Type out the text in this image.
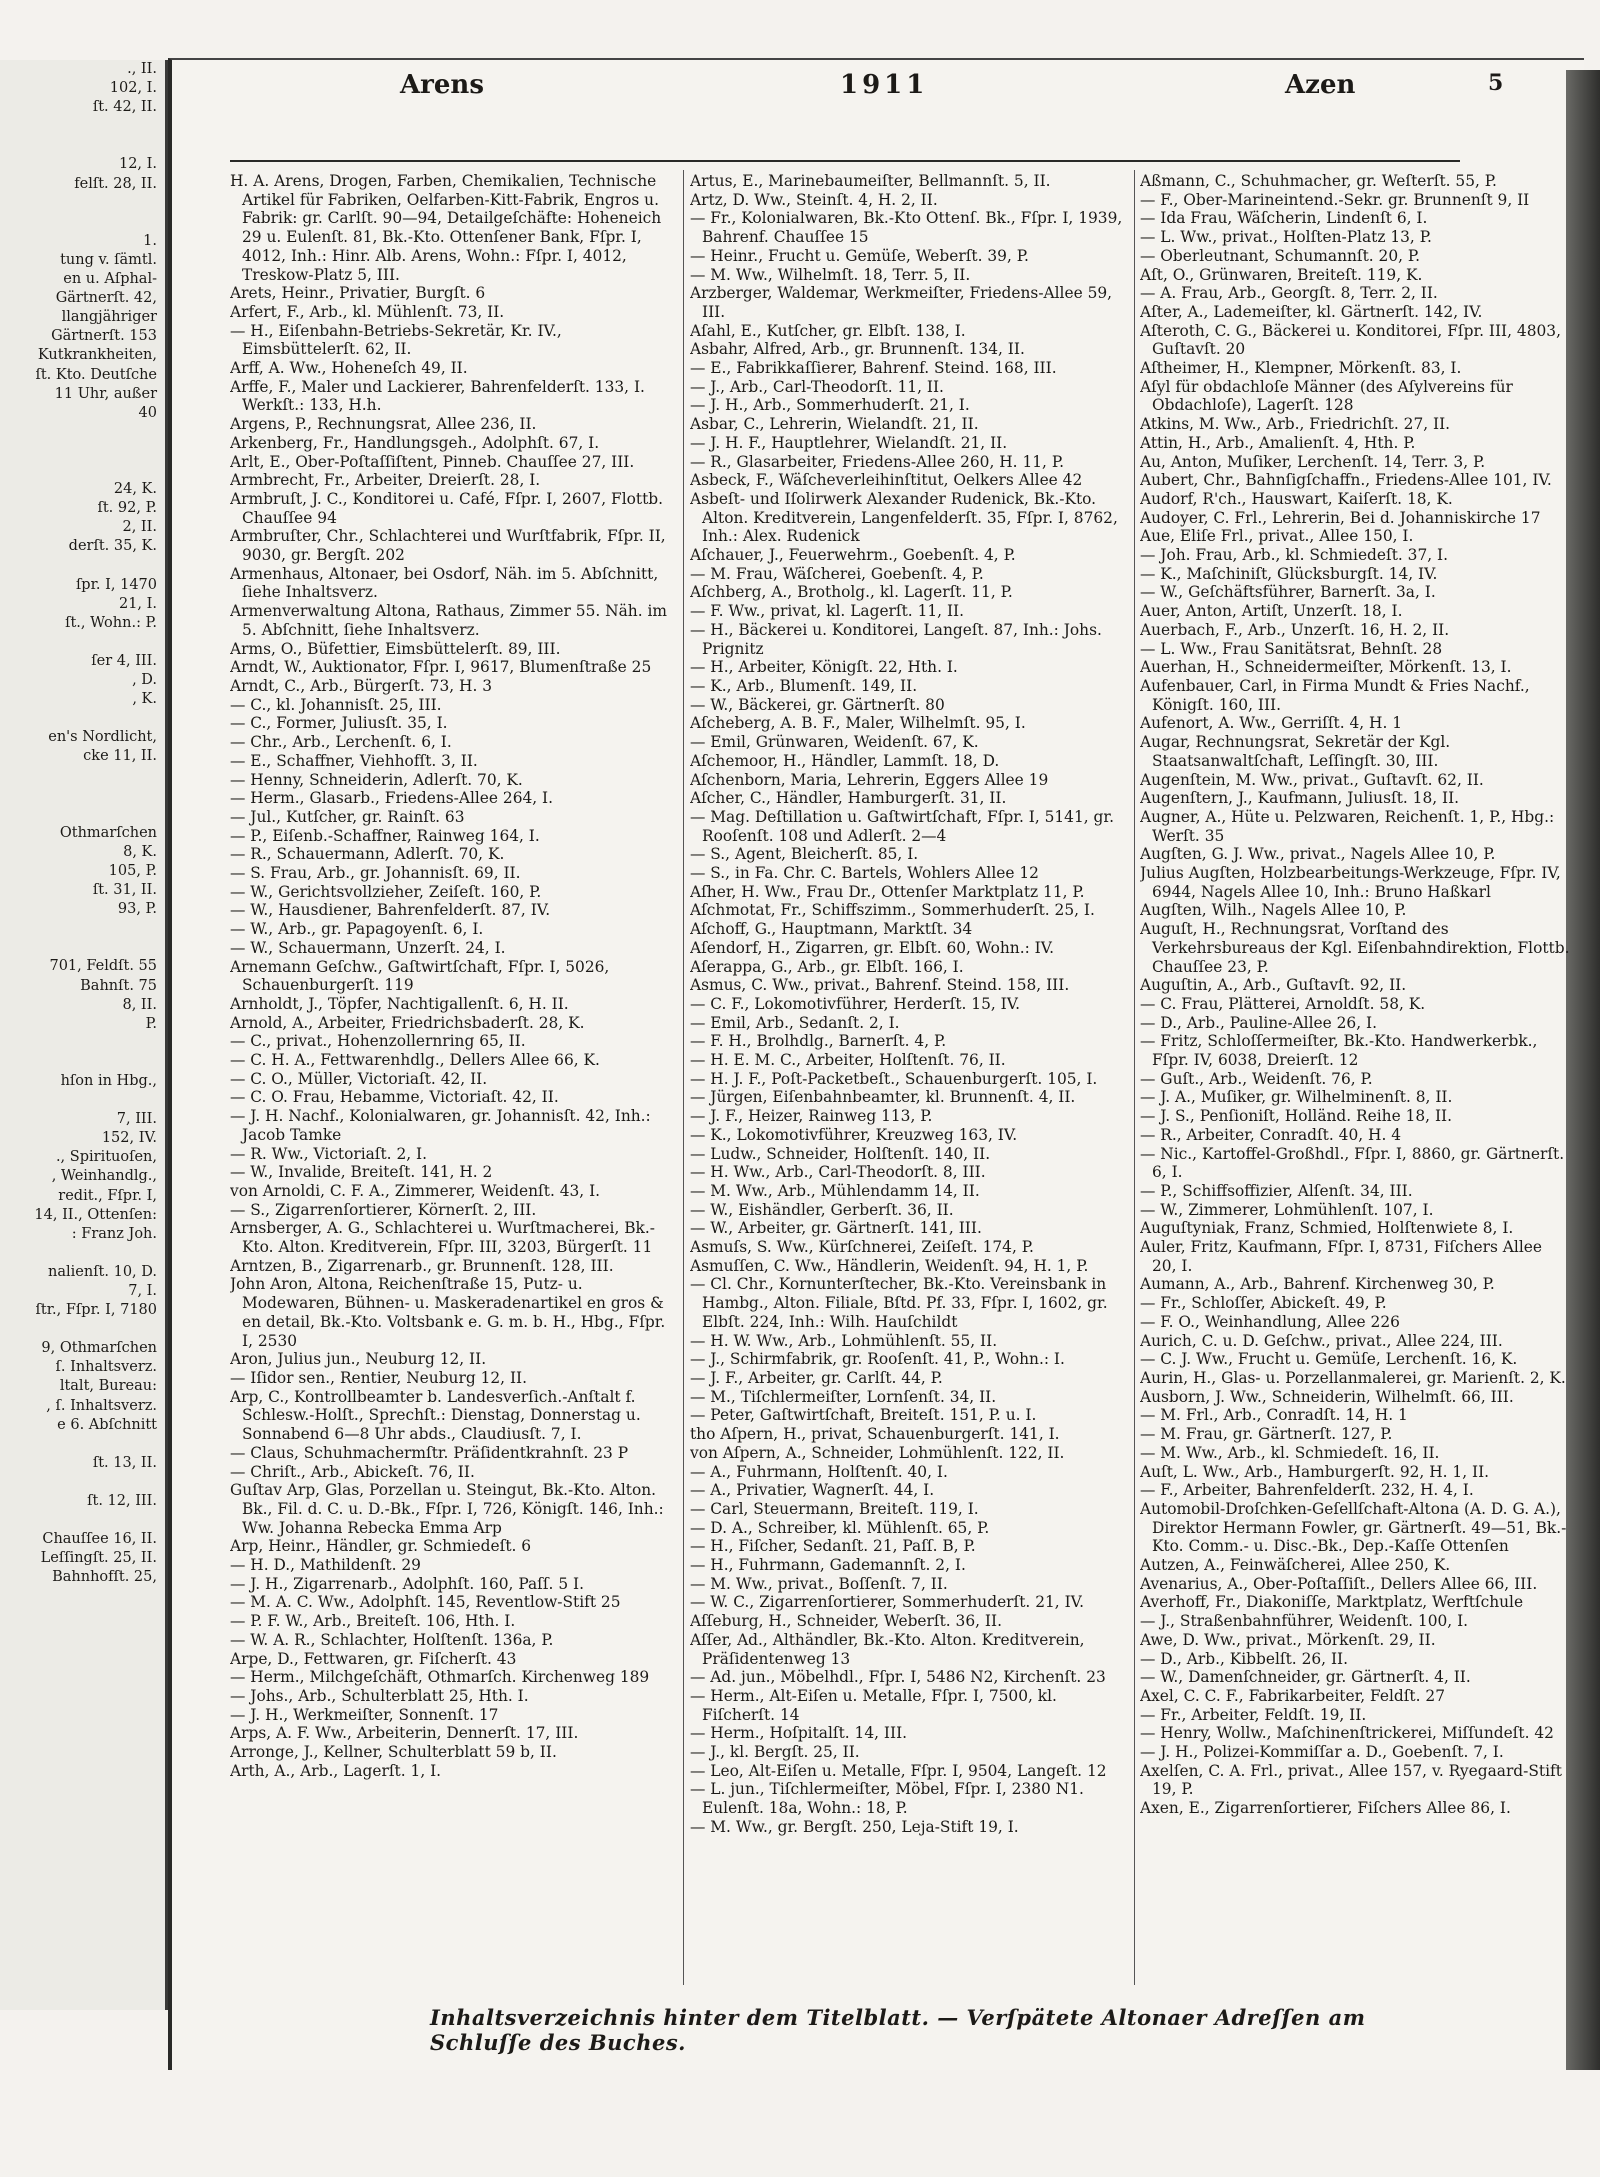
., II.
102, I.
ſt. 42, II.

12, I.
felſt. 28, II.

1.
tung v. ſämtl.
en u. Aſphal-
Gärtnerſt. 42,
llangjähriger
Gärtnerſt. 153
Kutkrankheiten,
ſt. Kto. Deutſche
11 Uhr, außer
40

24, K.
ſt. 92, P.
2, II.
derſt. 35, K.

ſpr. I, 1470
21, I.
ſt., Wohn.: P.

ſer 4, III.
, D.
, K.

en's Nordlicht,
cke 11, II.

Othmarſchen
8, K.
105, P.
ſt. 31, II.
93, P.

701, Feldſt. 55
Bahnſt. 75
8, II.
P.

hſon in Hbg.,

7, III.
152, IV.
., Spirituoſen,
, Weinhandlg.,
redit., Fſpr. I,
14, II., Ottenſen:
: Franz Joh.

nalienſt. 10, D.
7, I.
ſtr., Fſpr. I, 7180

9, Othmarſchen
ſ. Inhaltsverz.
ltalt, Bureau:
, ſ. Inhaltsverz.
e 6. Abſchnitt

ſt. 13, II.

ſt. 12, III.

Chauſſee 16, II.
Leſſingſt. 25, II.
Bahnhofſt. 25,
Arens	1911	Azen	5

H. A. Arens, Drogen, Farben, Chemikalien, Technische Artikel für Fabriken, Oelfarben-Kitt-Fabrik, Engros u. Fabrik: gr. Carlſt. 90—94, Detailgeſchäfte: Hoheneich 29 u. Eulenſt. 81, Bk.-Kto. Ottenſener Bank, Fſpr. I, 4012, Inh.: Hinr. Alb. Arens, Wohn.: Fſpr. I, 4012, Treskow-Platz 5, III.

Arets, Heinr., Privatier, Burgſt. 6

Arfert, F., Arb., kl. Mühlenſt. 73, II.

— H., Eiſenbahn-Betriebs-Sekretär, Kr. IV., Eimsbüttelerſt. 62, II.

Arff, A. Ww., Hoheneſch 49, II.

Arffe, F., Maler und Lackierer, Bahrenfelderſt. 133, I. Werkſt.: 133, H.h.

Argens, P., Rechnungsrat, Allee 236, II.

Arkenberg, Fr., Handlungsgeh., Adolphſt. 67, I.

Arlt, E., Ober-Poſtaſſiſtent, Pinneb. Chauſſee 27, III.

Armbrecht, Fr., Arbeiter, Dreierſt. 28, I.

Armbruſt, J. C., Konditorei u. Café, Fſpr. I, 2607, Flottb. Chauſſee 94

Armbruſter, Chr., Schlachterei und Wurſtfabrik, Fſpr. II, 9030, gr. Bergſt. 202

Armenhaus, Altonaer, bei Osdorf, Näh. im 5. Abſchnitt, ſiehe Inhaltsverz.

Armenverwaltung Altona, Rathaus, Zimmer 55. Näh. im 5. Abſchnitt, ſiehe Inhaltsverz.

Arms, O., Büfettier, Eimsbüttelerſt. 89, III.

Arndt, W., Auktionator, Fſpr. I, 9617, Blumenſtraße 25

Arndt, C., Arb., Bürgerſt. 73, H. 3

— C., kl. Johannisſt. 25, III.

— C., Former, Juliusſt. 35, I.

— Chr., Arb., Lerchenſt. 6, I.

— E., Schaffner, Viehhofſt. 3, II.

— Henny, Schneiderin, Adlerſt. 70, K.

— Herm., Glasarb., Friedens-Allee 264, I.

— Jul., Kutſcher, gr. Rainſt. 63

— P., Eiſenb.-Schaffner, Rainweg 164, I.

— R., Schauermann, Adlerſt. 70, K.

— S. Frau, Arb., gr. Johannisſt. 69, II.

— W., Gerichtsvollzieher, Zeiſeſt. 160, P.

— W., Hausdiener, Bahrenfelderſt. 87, IV.

— W., Arb., gr. Papagoyenſt. 6, I.

— W., Schauermann, Unzerſt. 24, I.

Arnemann Geſchw., Gaſtwirtſchaft, Fſpr. I, 5026, Schauenburgerſt. 119

Arnholdt, J., Töpfer, Nachtigallenſt. 6, H. II.

Arnold, A., Arbeiter, Friedrichsbaderſt. 28, K.

— C., privat., Hohenzollernring 65, II.

— C. H. A., Fettwarenhdlg., Dellers Allee 66, K.

— C. O., Müller, Victoriaſt. 42, II.

— C. O. Frau, Hebamme, Victoriaſt. 42, II.

— J. H. Nachf., Kolonialwaren, gr. Johannisſt. 42, Inh.: Jacob Tamke

— R. Ww., Victoriaſt. 2, I.

— W., Invalide, Breiteſt. 141, H. 2

von Arnoldi, C. F. A., Zimmerer, Weidenſt. 43, I.

— S., Zigarrenſortierer, Körnerſt. 2, III.

Arnsberger, A. G., Schlachterei u. Wurſtmacherei, Bk.-Kto. Alton. Kreditverein, Fſpr. III, 3203, Bürgerſt. 11

Arntzen, B., Zigarrenarb., gr. Brunnenſt. 128, III.

John Aron, Altona, Reichenſtraße 15, Putz- u. Modewaren, Bühnen- u. Maskeradenartikel en gros & en detail, Bk.-Kto. Voltsbank e. G. m. b. H., Hbg., Fſpr. I, 2530

Aron, Julius jun., Neuburg 12, II.

— Iſidor sen., Rentier, Neuburg 12, II.

Arp, C., Kontrollbeamter b. Landesverſich.-Anſtalt f. Schlesw.-Holſt., Sprechſt.: Dienstag, Donnerstag u. Sonnabend 6—8 Uhr abds., Claudiusſt. 7, I.

— Claus, Schuhmachermſtr. Präſidentkrahnſt. 23 P

— Chriſt., Arb., Abickeſt. 76, II.

Guſtav Arp, Glas, Porzellan u. Steingut, Bk.-Kto. Alton. Bk., Fil. d. C. u. D.-Bk., Fſpr. I, 726, Königſt. 146, Inh.: Ww. Johanna Rebecka Emma Arp

Arp, Heinr., Händler, gr. Schmiedeſt. 6

— H. D., Mathildenſt. 29

— J. H., Zigarrenarb., Adolphſt. 160, Paſſ. 5 I.

— M. A. C. Ww., Adolphſt. 145, Reventlow-Stift 25

— P. F. W., Arb., Breiteſt. 106, Hth. I.

— W. A. R., Schlachter, Holſtenſt. 136a, P.

Arpe, D., Fettwaren, gr. Fiſcherſt. 43

— Herm., Milchgeſchäft, Othmarſch. Kirchenweg 189

— Johs., Arb., Schulterblatt 25, Hth. I.

— J. H., Werkmeiſter, Sonnenſt. 17

Arps, A. F. Ww., Arbeiterin, Dennerſt. 17, III.

Arronge, J., Kellner, Schulterblatt 59 b, II.

Arth, A., Arb., Lagerſt. 1, I.

Artus, E., Marinebaumeiſter, Bellmannſt. 5, II.

Artz, D. Ww., Steinſt. 4, H. 2, II.

— Fr., Kolonialwaren, Bk.-Kto Ottenſ. Bk., Fſpr. I, 1939, Bahrenf. Chauſſee 15

— Heinr., Frucht u. Gemüſe, Weberſt. 39, P.

— M. Ww., Wilhelmſt. 18, Terr. 5, II.

Arzberger, Waldemar, Werkmeiſter, Friedens-Allee 59, III.

Aſahl, E., Kutſcher, gr. Elbſt. 138, I.

Asbahr, Alfred, Arb., gr. Brunnenſt. 134, II.

— E., Fabrikkaſſierer, Bahrenf. Steind. 168, III.

— J., Arb., Carl-Theodorſt. 11, II.

— J. H., Arb., Sommerhuderſt. 21, I.

Asbar, C., Lehrerin, Wielandſt. 21, II.

— J. H. F., Hauptlehrer, Wielandſt. 21, II.

— R., Glasarbeiter, Friedens-Allee 260, H. 11, P.

Asbeck, F., Wäſcheverleihinſtitut, Oelkers Allee 42

Asbeſt- und Iſolirwerk Alexander Rudenick, Bk.-Kto. Alton. Kreditverein, Langenfelderſt. 35, Fſpr. I, 8762, Inh.: Alex. Rudenick

Aſchauer, J., Feuerwehrm., Goebenſt. 4, P.

— M. Frau, Wäſcherei, Goebenſt. 4, P.

Aſchberg, A., Brotholg., kl. Lagerſt. 11, P.

— F. Ww., privat, kl. Lagerſt. 11, II.

— H., Bäckerei u. Konditorei, Langeſt. 87, Inh.: Johs. Prignitz

— H., Arbeiter, Königſt. 22, Hth. I.

— K., Arb., Blumenſt. 149, II.

— W., Bäckerei, gr. Gärtnerſt. 80

Aſcheberg, A. B. F., Maler, Wilhelmſt. 95, I.

— Emil, Grünwaren, Weidenſt. 67, K.

Aſchemoor, H., Händler, Lammſt. 18, D.

Aſchenborn, Maria, Lehrerin, Eggers Allee 19

Aſcher, C., Händler, Hamburgerſt. 31, II.

— Mag. Deſtillation u. Gaſtwirtſchaft, Fſpr. I, 5141, gr. Rooſenſt. 108 und Adlerſt. 2—4

— S., Agent, Bleicherſt. 85, I.

— S., in Fa. Chr. C. Bartels, Wohlers Allee 12

Aſher, H. Ww., Frau Dr., Ottenſer Marktplatz 11, P.

Aſchmotat, Fr., Schiffszimm., Sommerhuderſt. 25, I.

Aſchoff, G., Hauptmann, Marktſt. 34

Aſendorf, H., Zigarren, gr. Elbſt. 60, Wohn.: IV.

Aſerappa, G., Arb., gr. Elbſt. 166, I.

Asmus, C. Ww., privat., Bahrenf. Steind. 158, III.

— C. F., Lokomotivführer, Herderſt. 15, IV.

— Emil, Arb., Sedanſt. 2, I.

— F. H., Brolhdlg., Barnerſt. 4, P.

— H. E. M. C., Arbeiter, Holſtenſt. 76, II.

— H. J. F., Poſt-Packetbeſt., Schauenburgerſt. 105, I.

— Jürgen, Eiſenbahnbeamter, kl. Brunnenſt. 4, II.

— J. F., Heizer, Rainweg 113, P.

— K., Lokomotivführer, Kreuzweg 163, IV.

— Ludw., Schneider, Holſtenſt. 140, II.

— H. Ww., Arb., Carl-Theodorſt. 8, III.

— M. Ww., Arb., Mühlendamm 14, II.

— W., Eishändler, Gerberſt. 36, II.

— W., Arbeiter, gr. Gärtnerſt. 141, III.

Asmuſs, S. Ww., Kürſchnerei, Zeiſeſt. 174, P.

Asmuſſen, C. Ww., Händlerin, Weidenſt. 94, H. 1, P.

— Cl. Chr., Kornunterſtecher, Bk.-Kto. Vereinsbank in Hambg., Alton. Filiale, Bſtd. Pf. 33, Fſpr. I, 1602, gr. Elbſt. 224, Inh.: Wilh. Hauſchildt

— H. W. Ww., Arb., Lohmühlenſt. 55, II.

— J., Schirmfabrik, gr. Rooſenſt. 41, P., Wohn.: I.

— J. F., Arbeiter, gr. Carlſt. 44, P.

— M., Tiſchlermeiſter, Lornſenſt. 34, II.

— Peter, Gaſtwirtſchaft, Breiteſt. 151, P. u. I.

tho Aſpern, H., privat, Schauenburgerſt. 141, I.

von Aſpern, A., Schneider, Lohmühlenſt. 122, II.

— A., Fuhrmann, Holſtenſt. 40, I.

— A., Privatier, Wagnerſt. 44, I.

— Carl, Steuermann, Breiteſt. 119, I.

— D. A., Schreiber, kl. Mühlenſt. 65, P.

— H., Fiſcher, Sedanſt. 21, Paſſ. B, P.

— H., Fuhrmann, Gademannſt. 2, I.

— M. Ww., privat., Boſſenſt. 7, II.

— W. C., Zigarrenſortierer, Sommerhuderſt. 21, IV.

Aſſeburg, H., Schneider, Weberſt. 36, II.

Aſſer, Ad., Althändler, Bk.-Kto. Alton. Kreditverein, Präſidentenweg 13

— Ad. jun., Möbelhdl., Fſpr. I, 5486 N2, Kirchenſt. 23

— Herm., Alt-Eiſen u. Metalle, Fſpr. I, 7500, kl. Fiſcherſt. 14

— Herm., Hoſpitalſt. 14, III.

— J., kl. Bergſt. 25, II.

— Leo, Alt-Eiſen u. Metalle, Fſpr. I, 9504, Langeſt. 12

— L. jun., Tiſchlermeiſter, Möbel, Fſpr. I, 2380 N1. Eulenſt. 18a, Wohn.: 18, P.

— M. Ww., gr. Bergſt. 250, Leja-Stift 19, I.

Aßmann, C., Schuhmacher, gr. Weſterſt. 55, P.

— F., Ober-Marineintend.-Sekr. gr. Brunnenſt 9, II

— Ida Frau, Wäſcherin, Lindenſt 6, I.

— L. Ww., privat., Holſten-Platz 13, P.

— Oberleutnant, Schumannſt. 20, P.

Aſt, O., Grünwaren, Breiteſt. 119, K.

— A. Frau, Arb., Georgſt. 8, Terr. 2, II.

Aſter, A., Lademeiſter, kl. Gärtnerſt. 142, IV.

Aſteroth, C. G., Bäckerei u. Konditorei, Fſpr. III, 4803, Guſtavſt. 20

Aſtheimer, H., Klempner, Mörkenſt. 83, I.

Aſyl für obdachloſe Männer (des Aſylvereins für Obdachloſe), Lagerſt. 128

Atkins, M. Ww., Arb., Friedrichſt. 27, II.

Attin, H., Arb., Amalienſt. 4, Hth. P.

Au, Anton, Muſiker, Lerchenſt. 14, Terr. 3, P.

Aubert, Chr., Bahnſigſchaffn., Friedens-Allee 101, IV.

Audorf, R'ch., Hauswart, Kaiſerſt. 18, K.

Audoyer, C. Frl., Lehrerin, Bei d. Johanniskirche 17

Aue, Eliſe Frl., privat., Allee 150, I.

— Joh. Frau, Arb., kl. Schmiedeſt. 37, I.

— K., Maſchiniſt, Glücksburgſt. 14, IV.

— W., Geſchäftsführer, Barnerſt. 3a, I.

Auer, Anton, Artiſt, Unzerſt. 18, I.

Auerbach, F., Arb., Unzerſt. 16, H. 2, II.

— L. Ww., Frau Sanitätsrat, Behnſt. 28

Auerhan, H., Schneidermeiſter, Mörkenſt. 13, I.

Aufenbauer, Carl, in Firma Mundt & Fries Nachf., Königſt. 160, III.

Aufenort, A. Ww., Gerriſſt. 4, H. 1

Augar, Rechnungsrat, Sekretär der Kgl. Staatsanwaltſchaft, Leſſingſt. 30, III.

Augenſtein, M. Ww., privat., Guſtavſt. 62, II.

Augenſtern, J., Kaufmann, Juliusſt. 18, II.

Augner, A., Hüte u. Pelzwaren, Reichenſt. 1, P., Hbg.: Werſt. 35

Augſten, G. J. Ww., privat., Nagels Allee 10, P.

Julius Augſten, Holzbearbeitungs-Werkzeuge, Fſpr. IV, 6944, Nagels Allee 10, Inh.: Bruno Haßkarl

Augſten, Wilh., Nagels Allee 10, P.

Auguſt, H., Rechnungsrat, Vorſtand des Verkehrsbureaus der Kgl. Eiſenbahndirektion, Flottb. Chauſſee 23, P.

Auguſtin, A., Arb., Guſtavſt. 92, II.

— C. Frau, Plätterei, Arnoldſt. 58, K.

— D., Arb., Pauline-Allee 26, I.

— Fritz, Schloſſermeiſter, Bk.-Kto. Handwerkerbk., Fſpr. IV, 6038, Dreierſt. 12

— Guſt., Arb., Weidenſt. 76, P.

— J. A., Muſiker, gr. Wilhelminenſt. 8, II.

— J. S., Penſioniſt, Holländ. Reihe 18, II.

— R., Arbeiter, Conradſt. 40, H. 4

— Nic., Kartoffel-Großhdl., Fſpr. I, 8860, gr. Gärtnerſt. 6, I.

— P., Schiffsoffizier, Alſenſt. 34, III.

— W., Zimmerer, Lohmühlenſt. 107, I.

Auguſtyniak, Franz, Schmied, Holſtenwiete 8, I.

Auler, Fritz, Kaufmann, Fſpr. I, 8731, Fiſchers Allee 20, I.

Aumann, A., Arb., Bahrenf. Kirchenweg 30, P.

— Fr., Schloſſer, Abickeſt. 49, P.

— F. O., Weinhandlung, Allee 226

Aurich, C. u. D. Geſchw., privat., Allee 224, III.

— C. J. Ww., Frucht u. Gemüſe, Lerchenſt. 16, K.

Aurin, H., Glas- u. Porzellanmalerei, gr. Marienſt. 2, K.

Ausborn, J. Ww., Schneiderin, Wilhelmſt. 66, III.

— M. Frl., Arb., Conradſt. 14, H. 1

— M. Frau, gr. Gärtnerſt. 127, P.

— M. Ww., Arb., kl. Schmiedeſt. 16, II.

Auſt, L. Ww., Arb., Hamburgerſt. 92, H. 1, II.

— F., Arbeiter, Bahrenfelderſt. 232, H. 4, I.

Automobil-Droſchken-Geſellſchaft-Altona (A. D. G. A.), Direktor Hermann Fowler, gr. Gärtnerſt. 49—51, Bk.-Kto. Comm.- u. Disc.-Bk., Dep.-Kaſſe Ottenſen

Autzen, A., Feinwäſcherei, Allee 250, K.

Avenarius, A., Ober-Poſtaſſiſt., Dellers Allee 66, III.

Averhoff, Fr., Diakoniſſe, Marktplatz, Werftſchule

— J., Straßenbahnführer, Weidenſt. 100, I.

Awe, D. Ww., privat., Mörkenſt. 29, II.

— D., Arb., Kibbelſt. 26, II.

— W., Damenſchneider, gr. Gärtnerſt. 4, II.

Axel, C. C. F., Fabrikarbeiter, Feldſt. 27

— Fr., Arbeiter, Feldſt. 19, II.

— Henry, Wollw., Maſchinenſtrickerei, Miſſundeſt. 42

— J. H., Polizei-Kommiſſar a. D., Goebenſt. 7, I.

Axelſen, C. A. Frl., privat., Allee 157, v. Ryegaard-Stift 19, P.

Axen, E., Zigarrenſortierer, Fiſchers Allee 86, I.

Inhaltsverzeichnis hinter dem Titelblatt. — Verſpätete Altonaer Adreſſen am Schluſſe des Buches.
